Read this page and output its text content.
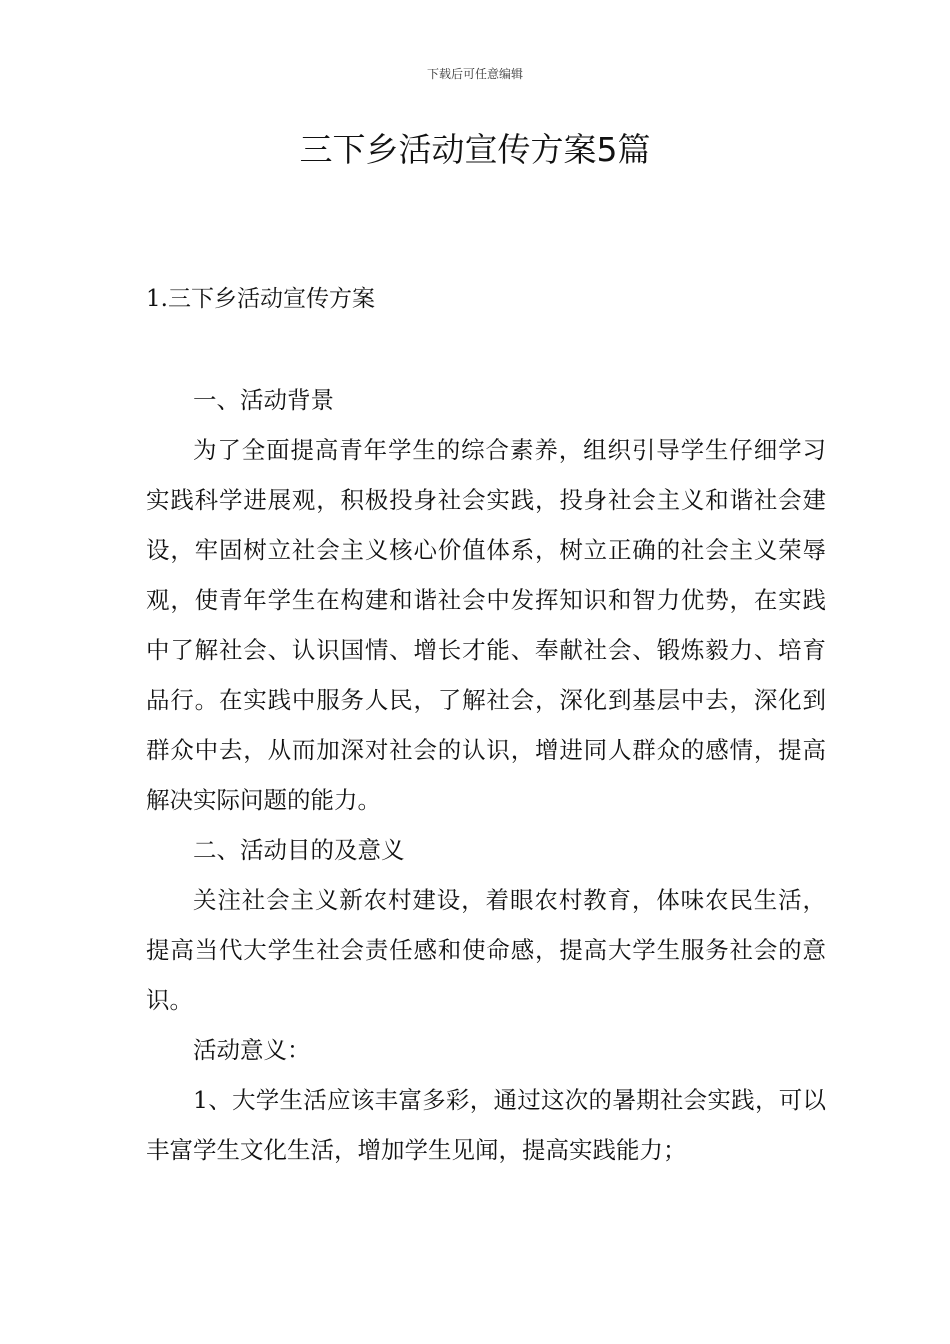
下载后可任意编辑
三下乡活动宣传方案5篇
1.三下乡活动宣传方案

一、活动背景

为了全面提高青年学生的综合素养，组织引导学生仔细学习实践科学进展观，积极投身社会实践，投身社会主义和谐社会建设，牢固树立社会主义核心价值体系，树立正确的社会主义荣辱观，使青年学生在构建和谐社会中发挥知识和智力优势，在实践中了解社会、认识国情、增长才能、奉献社会、锻炼毅力、培育品行。在实践中服务人民，了解社会，深化到基层中去，深化到群众中去，从而加深对社会的认识，增进同人群众的感情，提高解决实际问题的能力。

二、活动目的及意义

关注社会主义新农村建设，着眼农村教育，体味农民生活，提高当代大学生社会责任感和使命感，提高大学生服务社会的意识。

活动意义：

1、大学生活应该丰富多彩，通过这次的暑期社会实践，可以丰富学生文化生活，增加学生见闻，提高实践能力；
